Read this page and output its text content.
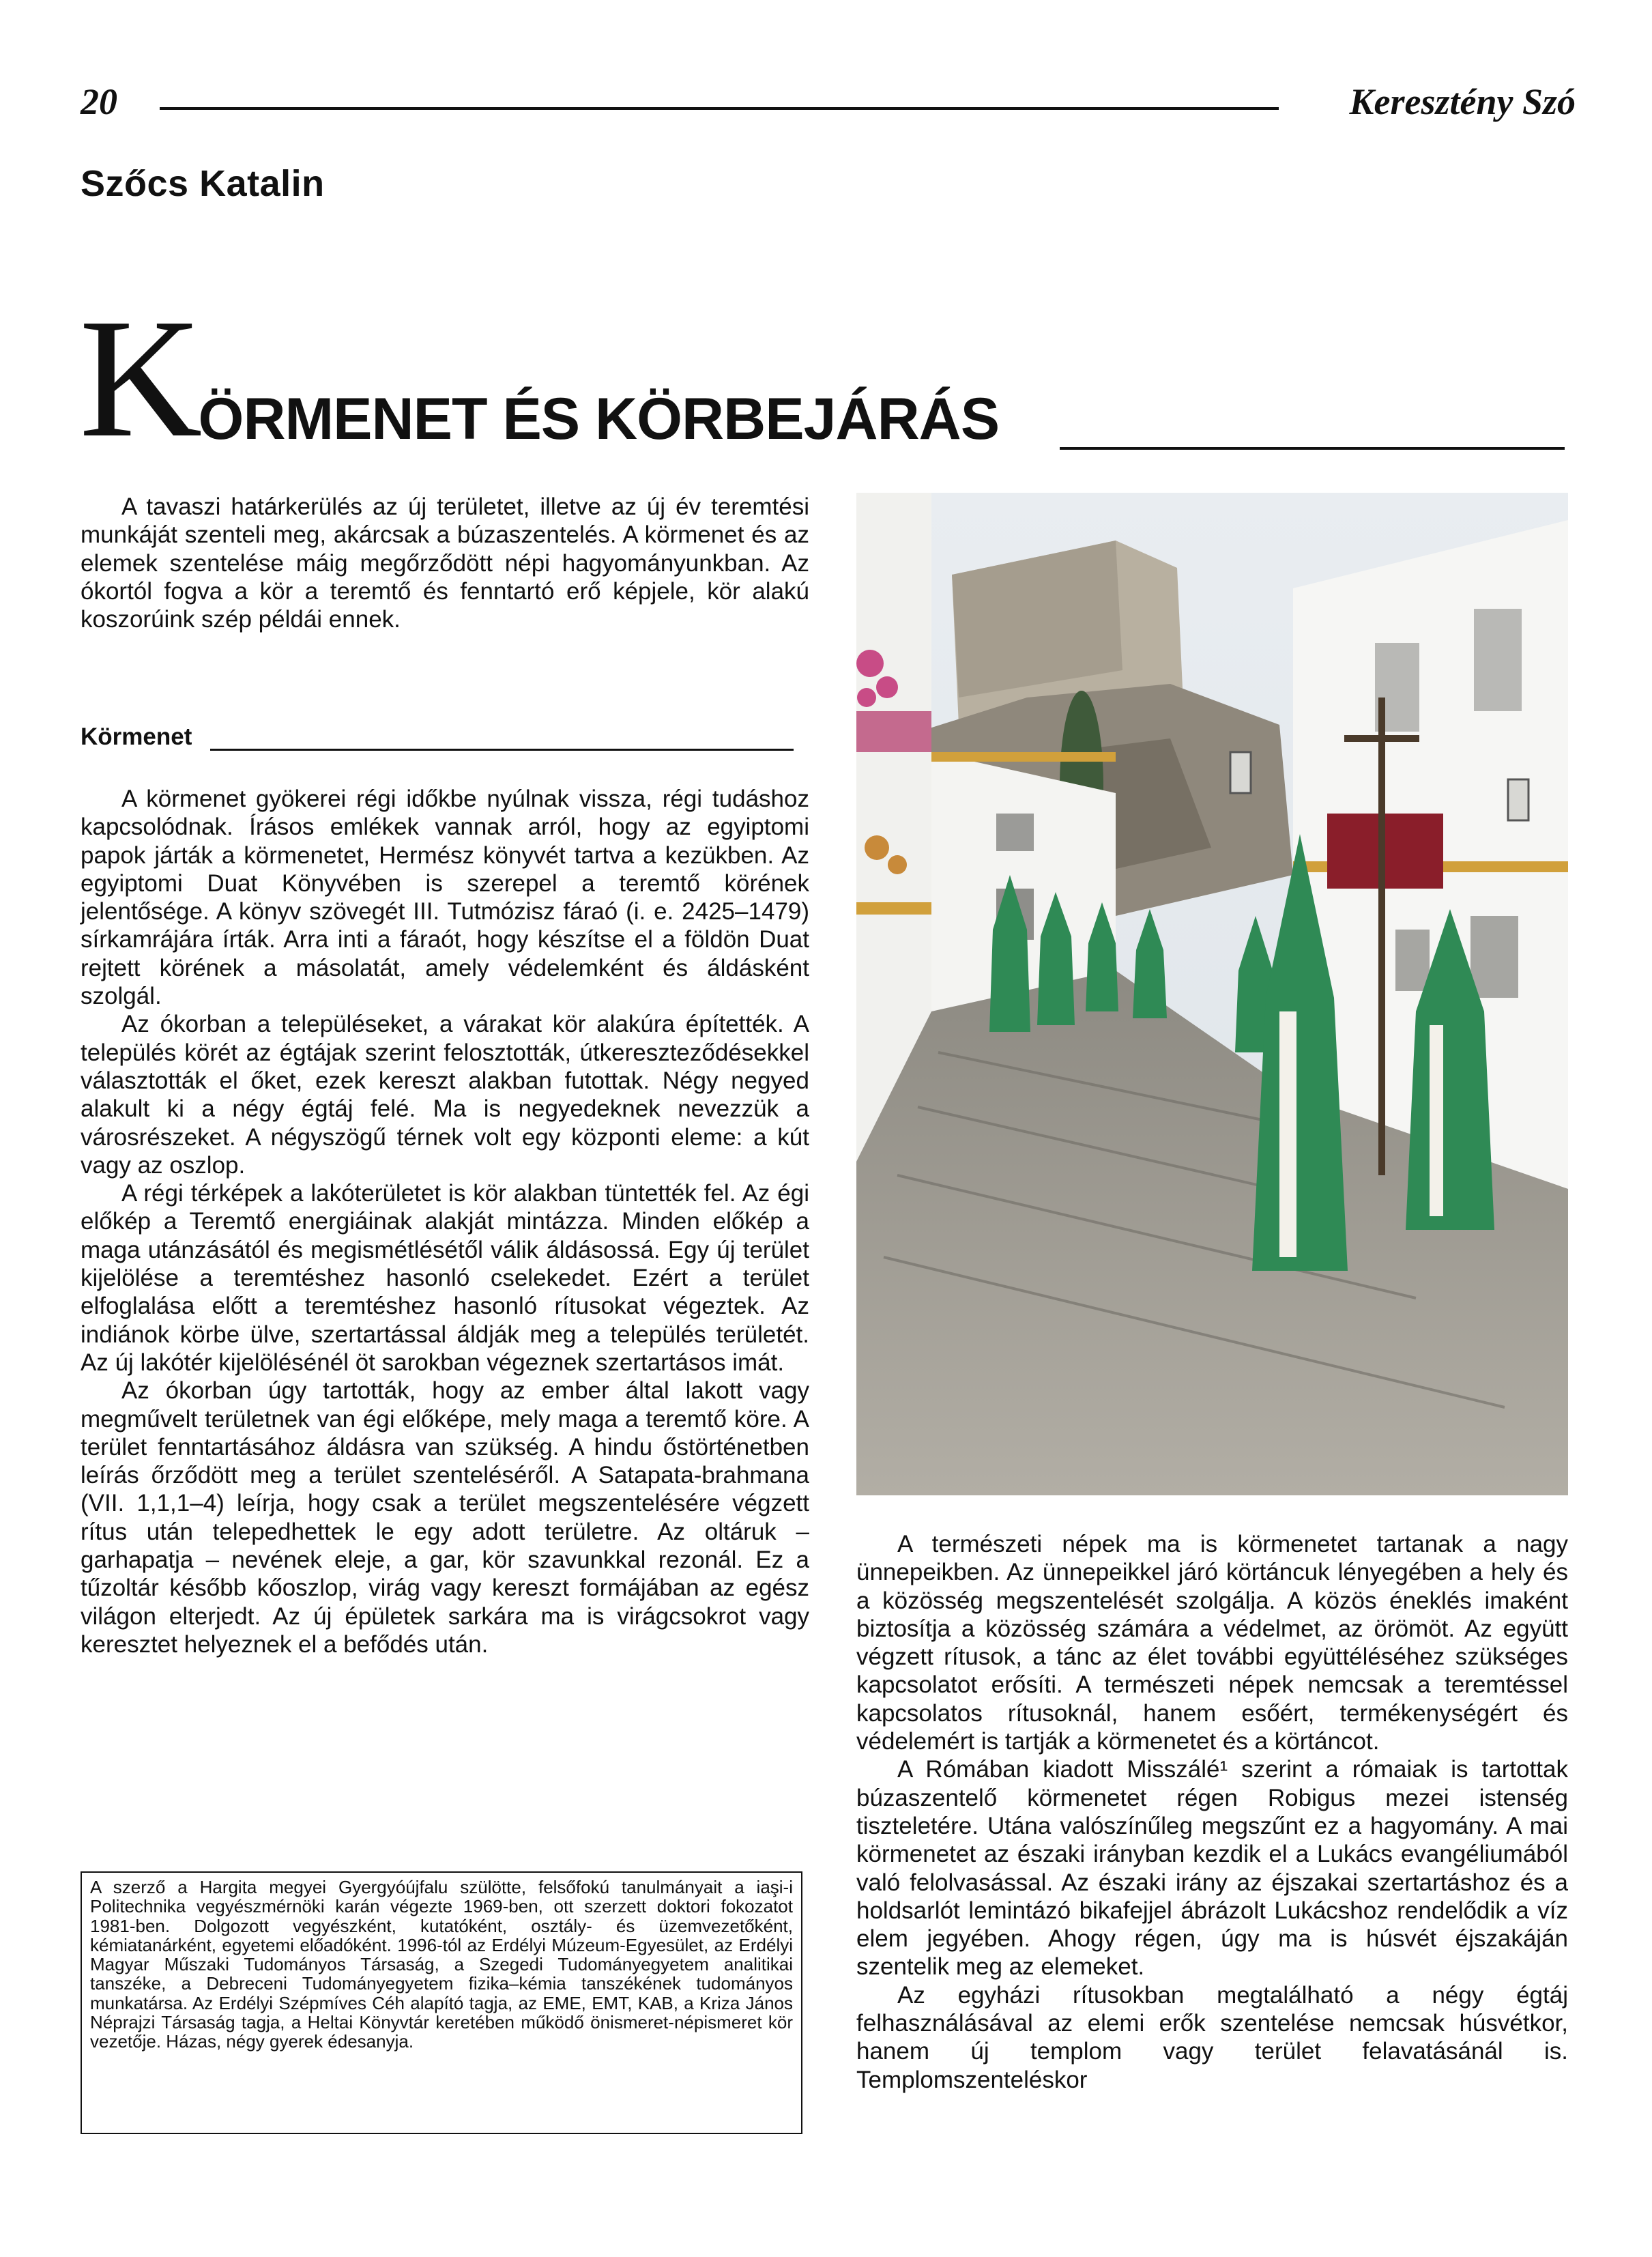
20	Keresztény Szó
Szőcs Katalin
KÖRMENET ÉS KÖRBEJÁRÁS

A tavaszi határkerülés az új területet, illetve az új év teremtési munkáját szenteli meg, akárcsak a búzaszentelés. A körmenet és az elemek szentelése máig megőrződött népi hagyományunkban. Az ókortól fogva a kör a teremtő és fenntartó erő képjele, kör alakú koszorúink szép példái ennek.

Körmenet

A körmenet gyökerei régi időkbe nyúlnak vissza, régi tudáshoz kapcsolódnak. Írásos emlékek vannak arról, hogy az egyiptomi papok járták a körmenetet, Hermész könyvét tartva a kezükben. Az egyiptomi Duat Könyvében is szerepel a teremtő körének jelentősége. A könyv szövegét III. Tutmózisz fáraó (i. e. 2425–1479) sírkamrájára írták. Arra inti a fáraót, hogy készítse el a földön Duat rejtett körének a másolatát, amely védelemként és áldásként szolgál.

Az ókorban a településeket, a várakat kör alakúra építették. A település körét az égtájak szerint felosztották, útkereszteződésekkel választották el őket, ezek kereszt alakban futottak. Négy negyed alakult ki a négy égtáj felé. Ma is negyedeknek nevezzük a városrészeket. A négyszögű térnek volt egy központi eleme: a kút vagy az oszlop.

A régi térképek a lakóterületet is kör alakban tüntették fel. Az égi előkép a Teremtő energiáinak alakját mintázza. Minden előkép a maga utánzásától és megismétlésétől válik áldásossá. Egy új terület kijelölése a teremtéshez hasonló cselekedet. Ezért a terület elfoglalása előtt a teremtéshez hasonló rítusokat végeztek. Az indiánok körbe ülve, szertartással áldják meg a település területét. Az új lakótér kijelölésénél öt sarokban végeznek szertartásos imát.

Az ókorban úgy tartották, hogy az ember által lakott vagy megművelt területnek van égi előképe, mely maga a teremtő köre. A terület fenntartásához áldásra van szükség. A hindu őstörténetben leírás őrződött meg a terület szenteléséről. A Satapata-brahmana (VII. 1,1,1–4) leírja, hogy csak a terület megszentelésére végzett rítus után telepedhettek le egy adott területre. Az oltáruk – garhapatja – nevének eleje, a gar, kör szavunkkal rezonál. Ez a tűzoltár később kőoszlop, virág vagy kereszt formájában az egész világon elterjedt. Az új épületek sarkára ma is virágcsokrot vagy keresztet helyeznek el a befődés után.

A szerző a Hargita megyei Gyergyóújfalu szülötte, felsőfokú tanulmányait a iaşi-i Politechnika vegyészmérnöki karán végezte 1969-ben, ott szerzett doktori fokozatot 1981-ben. Dolgozott vegyészként, kutatóként, osztály- és üzemvezetőként, kémiatanárként, egyetemi előadóként. 1996-tól az Erdélyi Múzeum-Egyesület, az Erdélyi Magyar Műszaki Tudományos Társaság, a Szegedi Tudományegyetem analitikai tanszéke, a Debreceni Tudományegyetem fizika–kémia tanszékének tudományos munkatársa. Az Erdélyi Szépmíves Céh alapító tagja, az EME, EMT, KAB, a Kriza János Néprajzi Társaság tagja, a Heltai Könyvtár keretében működő önismeret-népismeret kör vezetője. Házas, négy gyerek édesanyja.

A természeti népek ma is körmenetet tartanak a nagy ünnepeikben. Az ünnepeikkel járó körtáncuk lényegében a hely és a közösség megszentelését szolgálja. A közös éneklés imaként biztosítja a közösség számára a védelmet, az örömöt. Az együtt végzett rítusok, a tánc az élet további együttéléséhez szükséges kapcsolatot erősíti. A természeti népek nemcsak a teremtéssel kapcsolatos rítusoknál, hanem esőért, termékenységért és védelemért is tartják a körmenetet és a körtáncot.

A Rómában kiadott Misszálé¹ szerint a rómaiak is tartottak búzaszentelő körmenetet régen Robigus mezei istenség tiszteletére. Utána valószínűleg megszűnt ez a hagyomány. A mai körmenetet az északi irányban kezdik el a Lukács evangéliumából való felolvasással. Az északi irány az éjszakai szertartáshoz és a holdsarlót lemintázó bikafejjel ábrázolt Lukácshoz rendelődik a víz elem jegyében. Ahogy régen, úgy ma is húsvét éjszakáján szentelik meg az elemeket.

Az egyházi rítusokban megtalálható a négy égtáj felhasználásával az elemi erők szentelése nemcsak húsvétkor, hanem új templom vagy terület felavatásánál is. Templomszenteléskor
